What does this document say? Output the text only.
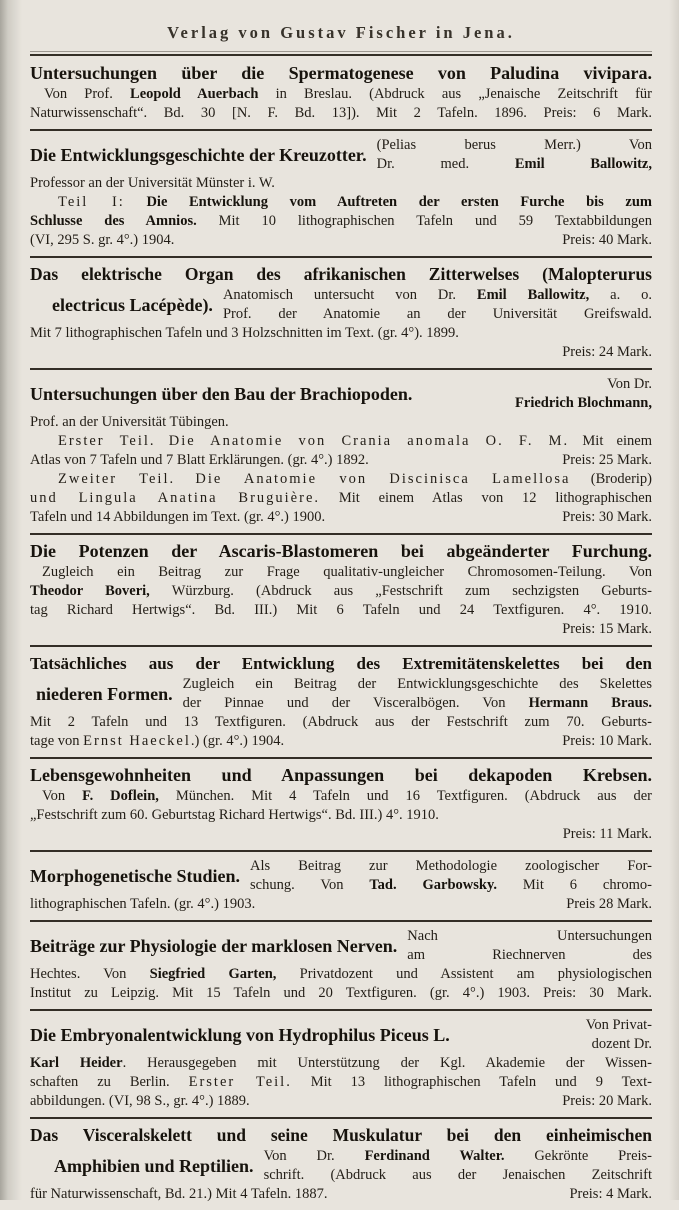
Verlag von Gustav Fischer in Jena.
Untersuchungen über die Spermatogenese von Paludina vivipara.
Von Prof. Leopold Auerbach in Breslau. (Abdruck aus „Jenaische Zeitschrift für
Naturwissenschaft“. Bd. 30 [N. F. Bd. 13]). Mit 2 Tafeln. 1896. Preis: 6 Mark.
Die Entwicklungsgeschichte der Kreuzotter. (Pelias berus Merr.) Von
Dr. med. Emil Ballowitz,
Professor an der Universität Münster i. W.
Teil I: Die Entwicklung vom Auftreten der ersten Furche bis zum
Schlusse des Amnios. Mit 10 lithographischen Tafeln und 59 Textabbildungen
(VI, 295 S. gr. 4°.) 1904.	Preis: 40 Mark.
Das elektrische Organ des afrikanischen Zitterwelses (Malopterurus
electricus Lacépède). Anatomisch untersucht von Dr. Emil Ballowitz, a. o.
Prof. der Anatomie an der Universität Greifswald.
Mit 7 lithographischen Tafeln und 3 Holzschnitten im Text. (gr. 4°). 1899.
Preis: 24 Mark.
Untersuchungen über den Bau der Brachiopoden.	Von Dr.
Friedrich Blochmann,
Prof. an der Universität Tübingen.
Erster Teil. Die Anatomie von Crania anomala O. F. M. Mit einem
Atlas von 7 Tafeln und 7 Blatt Erklärungen. (gr. 4°.) 1892.	Preis: 25 Mark.
Zweiter Teil. Die Anatomie von Discinisca Lamellosa (Broderip)
und Lingula Anatina Bruguière. Mit einem Atlas von 12 lithographischen
Tafeln und 14 Abbildungen im Text. (gr. 4°.) 1900.	Preis: 30 Mark.
Die Potenzen der Ascaris-Blastomeren bei abgeänderter Furchung.
Zugleich ein Beitrag zur Frage qualitativ-ungleicher Chromosomen-Teilung. Von
Theodor Boveri, Würzburg. (Abdruck aus „Festschrift zum sechzigsten Geburts-
tag Richard Hertwigs“. Bd. III.) Mit 6 Tafeln und 24 Textfiguren. 4°. 1910.
Preis: 15 Mark.
Tatsächliches aus der Entwicklung des Extremitätenskelettes bei den
niederen Formen. Zugleich ein Beitrag der Entwicklungsgeschichte des Skelettes
der Pinnae und der Visceralbögen. Von Hermann Braus.
Mit 2 Tafeln und 13 Textfiguren. (Abdruck aus der Festschrift zum 70. Geburts-
tage von Ernst Haeckel.) (gr. 4°.) 1904.	Preis: 10 Mark.
Lebensgewohnheiten und Anpassungen bei dekapoden Krebsen.
Von F. Doflein, München. Mit 4 Tafeln und 16 Textfiguren. (Abdruck aus der
„Festschrift zum 60. Geburtstag Richard Hertwigs“. Bd. III.) 4°. 1910.
Preis: 11 Mark.
Morphogenetische Studien. Als Beitrag zur Methodologie zoologischer For-
schung. Von Tad. Garbowsky. Mit 6 chromo-
lithographischen Tafeln. (gr. 4°.) 1903.	Preis 28 Mark.
Beiträge zur Physiologie der marklosen Nerven. Nach Untersuchungen
am Riechnerven des
Hechtes. Von Siegfried Garten, Privatdozent und Assistent am physiologischen
Institut zu Leipzig. Mit 15 Tafeln und 20 Textfiguren. (gr. 4°.) 1903. Preis: 30 Mark.
Die Embryonalentwicklung von Hydrophilus Piceus L.	Von Privat-
dozent Dr.
Karl Heider. Herausgegeben mit Unterstützung der Kgl. Akademie der Wissen-
schaften zu Berlin. Erster Teil. Mit 13 lithographischen Tafeln und 9 Text-
abbildungen. (VI, 98 S., gr. 4°.) 1889.	Preis: 20 Mark.
Das Visceralskelett und seine Muskulatur bei den einheimischen
Amphibien und Reptilien. Von Dr. Ferdinand Walter. Gekrönte Preis-
schrift. (Abdruck aus der Jenaischen Zeitschrift
für Naturwissenschaft, Bd. 21.) Mit 4 Tafeln. 1887.	Preis: 4 Mark.
